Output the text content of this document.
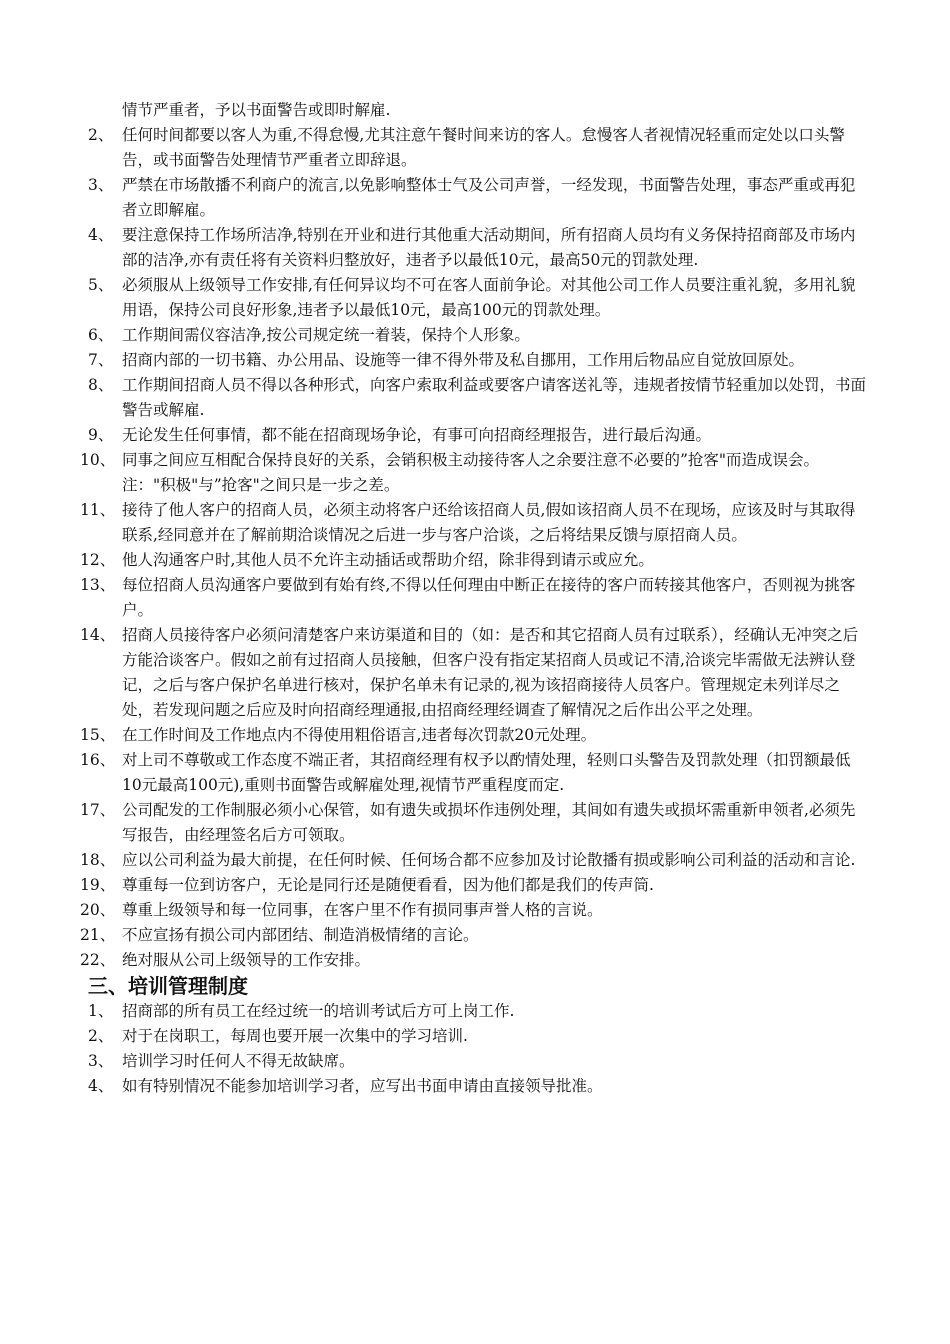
情节严重者，予以书面警告或即时解雇.

2、 任何时间都要以客人为重,不得怠慢,尤其注意午餐时间来访的客人。怠慢客人者视情况轻重而定处以口头警告，或书面警告处理情节严重者立即辞退。
3、 严禁在市场散播不利商户的流言,以免影响整体士气及公司声誉，一经发现，书面警告处理，事态严重或再犯者立即解雇。
4、 要注意保持工作场所洁净,特别在开业和进行其他重大活动期间，所有招商人员均有义务保持招商部及市场内部的洁净,亦有责任将有关资料归整放好，违者予以最低10元，最高50元的罚款处理.
5、 必须服从上级领导工作安排,有任何异议均不可在客人面前争论。对其他公司工作人员要注重礼貌，多用礼貌用语，保持公司良好形象,违者予以最低10元，最高100元的罚款处理。
6、 工作期间需仪容洁净,按公司规定统一着装，保持个人形象。
7、 招商内部的一切书籍、办公用品、设施等一律不得外带及私自挪用，工作用后物品应自觉放回原处。
8、 工作期间招商人员不得以各种形式，向客户索取利益或要客户请客送礼等，违规者按情节轻重加以处罚，书面警告或解雇.
9、 无论发生任何事情，都不能在招商现场争论，有事可向招商经理报告，进行最后沟通。
10、 同事之间应互相配合保持良好的关系，会销积极主动接待客人之余要注意不必要的”抢客"而造成误会。注："积极"与”抢客"之间只是一步之差。
11、 接待了他人客户的招商人员，必须主动将客户还给该招商人员,假如该招商人员不在现场，应该及时与其取得联系,经同意并在了解前期洽谈情况之后进一步与客户洽谈，之后将结果反馈与原招商人员。
12、 他人沟通客户时,其他人员不允许主动插话或帮助介绍，除非得到请示或应允。
13、 每位招商人员沟通客户要做到有始有终,不得以任何理由中断正在接待的客户而转接其他客户，否则视为挑客户。
14、 招商人员接待客户必须问清楚客户来访渠道和目的（如：是否和其它招商人员有过联系），经确认无冲突之后方能洽谈客户。假如之前有过招商人员接触，但客户没有指定某招商人员或记不清,洽谈完毕需做无法辨认登记，之后与客户保护名单进行核对，保护名单未有记录的,视为该招商接待人员客户。管理规定未列详尽之处，若发现问题之后应及时向招商经理通报,由招商经理经调查了解情况之后作出公平之处理。
15、 在工作时间及工作地点内不得使用粗俗语言,违者每次罚款20元处理。
16、 对上司不尊敬或工作态度不端正者，其招商经理有权予以酌情处理，轻则口头警告及罚款处理（扣罚额最低10元最高100元),重则书面警告或解雇处理,视情节严重程度而定.
17、 公司配发的工作制服必须小心保管，如有遗失或损坏作违例处理，其间如有遗失或损坏需重新申领者,必须先写报告，由经理签名后方可领取。
18、 应以公司利益为最大前提，在任何时候、任何场合都不应参加及讨论散播有损或影响公司利益的活动和言论.
19、 尊重每一位到访客户，无论是同行还是随便看看，因为他们都是我们的传声筒.
20、 尊重上级领导和每一位同事，在客户里不作有损同事声誉人格的言说。
21、 不应宣扬有损公司内部团结、制造消极情绪的言论。
22、 绝对服从公司上级领导的工作安排。
三、培训管理制度
1、 招商部的所有员工在经过统一的培训考试后方可上岗工作.
2、 对于在岗职工，每周也要开展一次集中的学习培训.
3、 培训学习时任何人不得无故缺席。
4、 如有特别情况不能参加培训学习者，应写出书面申请由直接领导批准。
